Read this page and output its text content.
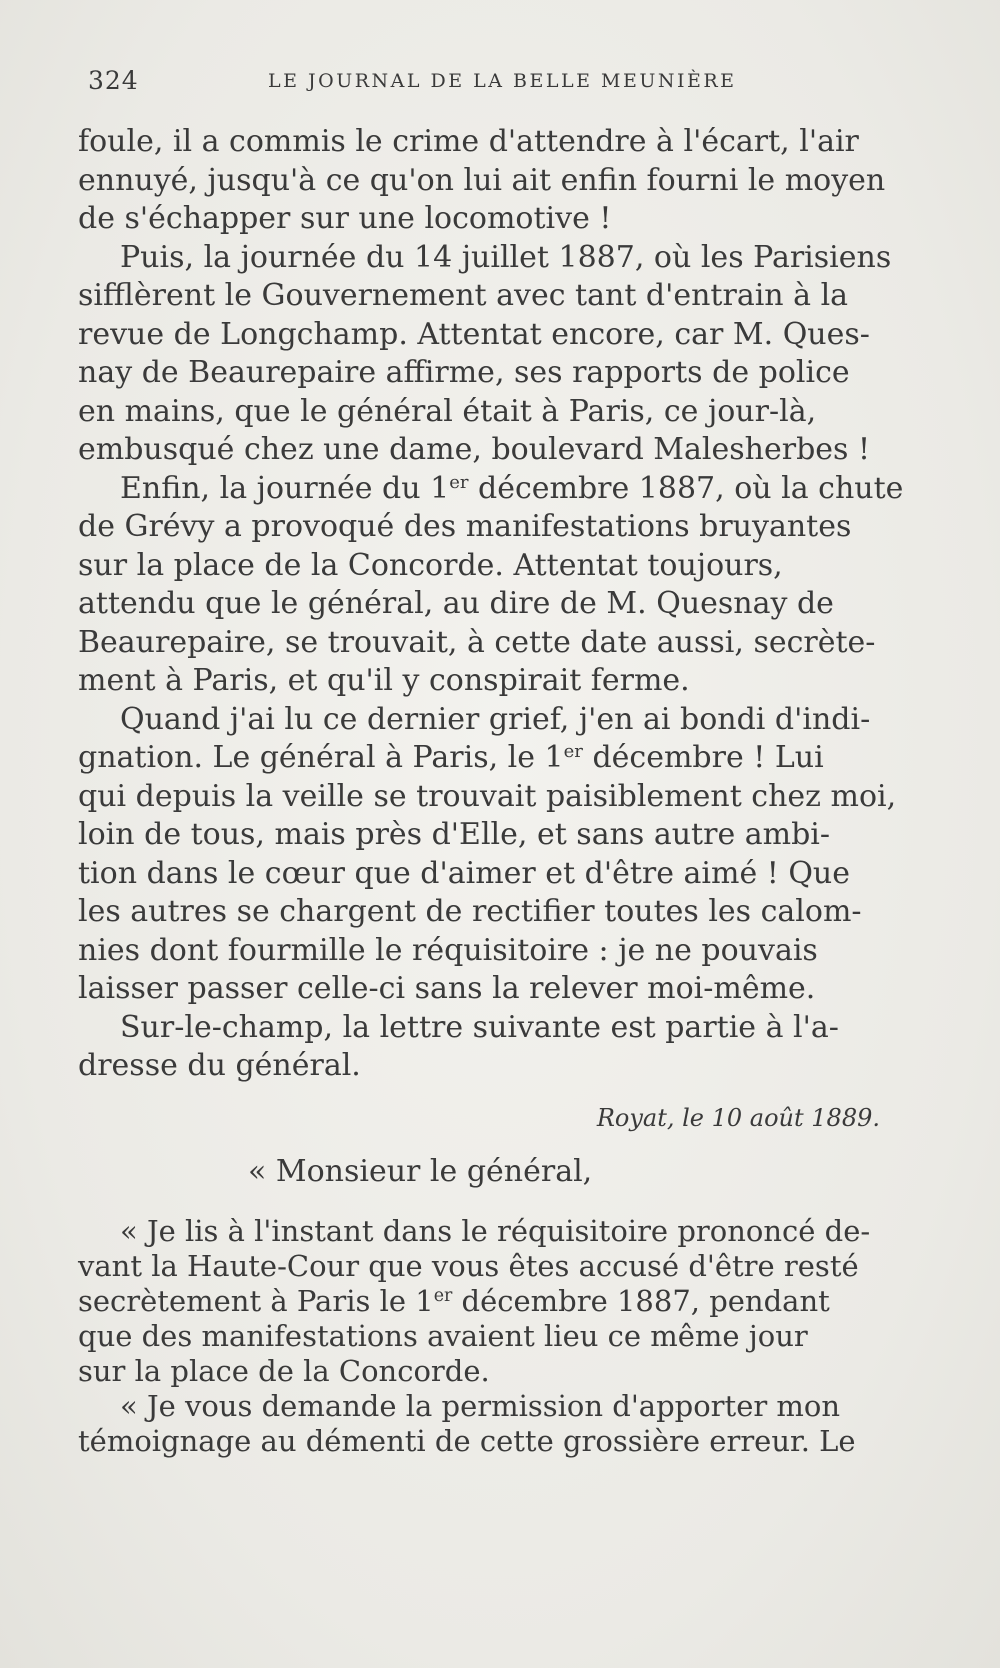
324	LE JOURNAL DE LA BELLE MEUNIÈRE
foule, il a commis le crime d'attendre à l'écart, l'air
ennuyé, jusqu'à ce qu'on lui ait enfin fourni le moyen
de s'échapper sur une locomotive !
Puis, la journée du 14 juillet 1887, où les Parisiens
sifflèrent le Gouvernement avec tant d'entrain à la
revue de Longchamp. Attentat encore, car M. Ques-
nay de Beaurepaire affirme, ses rapports de police
en mains, que le général était à Paris, ce jour-là,
embusqué chez une dame, boulevard Malesherbes !
Enfin, la journée du 1er décembre 1887, où la chute
de Grévy a provoqué des manifestations bruyantes
sur la place de la Concorde. Attentat toujours,
attendu que le général, au dire de M. Quesnay de
Beaurepaire, se trouvait, à cette date aussi, secrète-
ment à Paris, et qu'il y conspirait ferme.
Quand j'ai lu ce dernier grief, j'en ai bondi d'indi-
gnation. Le général à Paris, le 1er décembre ! Lui
qui depuis la veille se trouvait paisiblement chez moi,
loin de tous, mais près d'Elle, et sans autre ambi-
tion dans le cœur que d'aimer et d'être aimé ! Que
les autres se chargent de rectifier toutes les calom-
nies dont fourmille le réquisitoire : je ne pouvais
laisser passer celle-ci sans la relever moi-même.
Sur-le-champ, la lettre suivante est partie à l'a-
dresse du général.
Royat, le 10 août 1889.
« Monsieur le général,
« Je lis à l'instant dans le réquisitoire prononcé de-
vant la Haute-Cour que vous êtes accusé d'être resté
secrètement à Paris le 1er décembre 1887, pendant
que des manifestations avaient lieu ce même jour
sur la place de la Concorde.
« Je vous demande la permission d'apporter mon
témoignage au démenti de cette grossière erreur. Le
